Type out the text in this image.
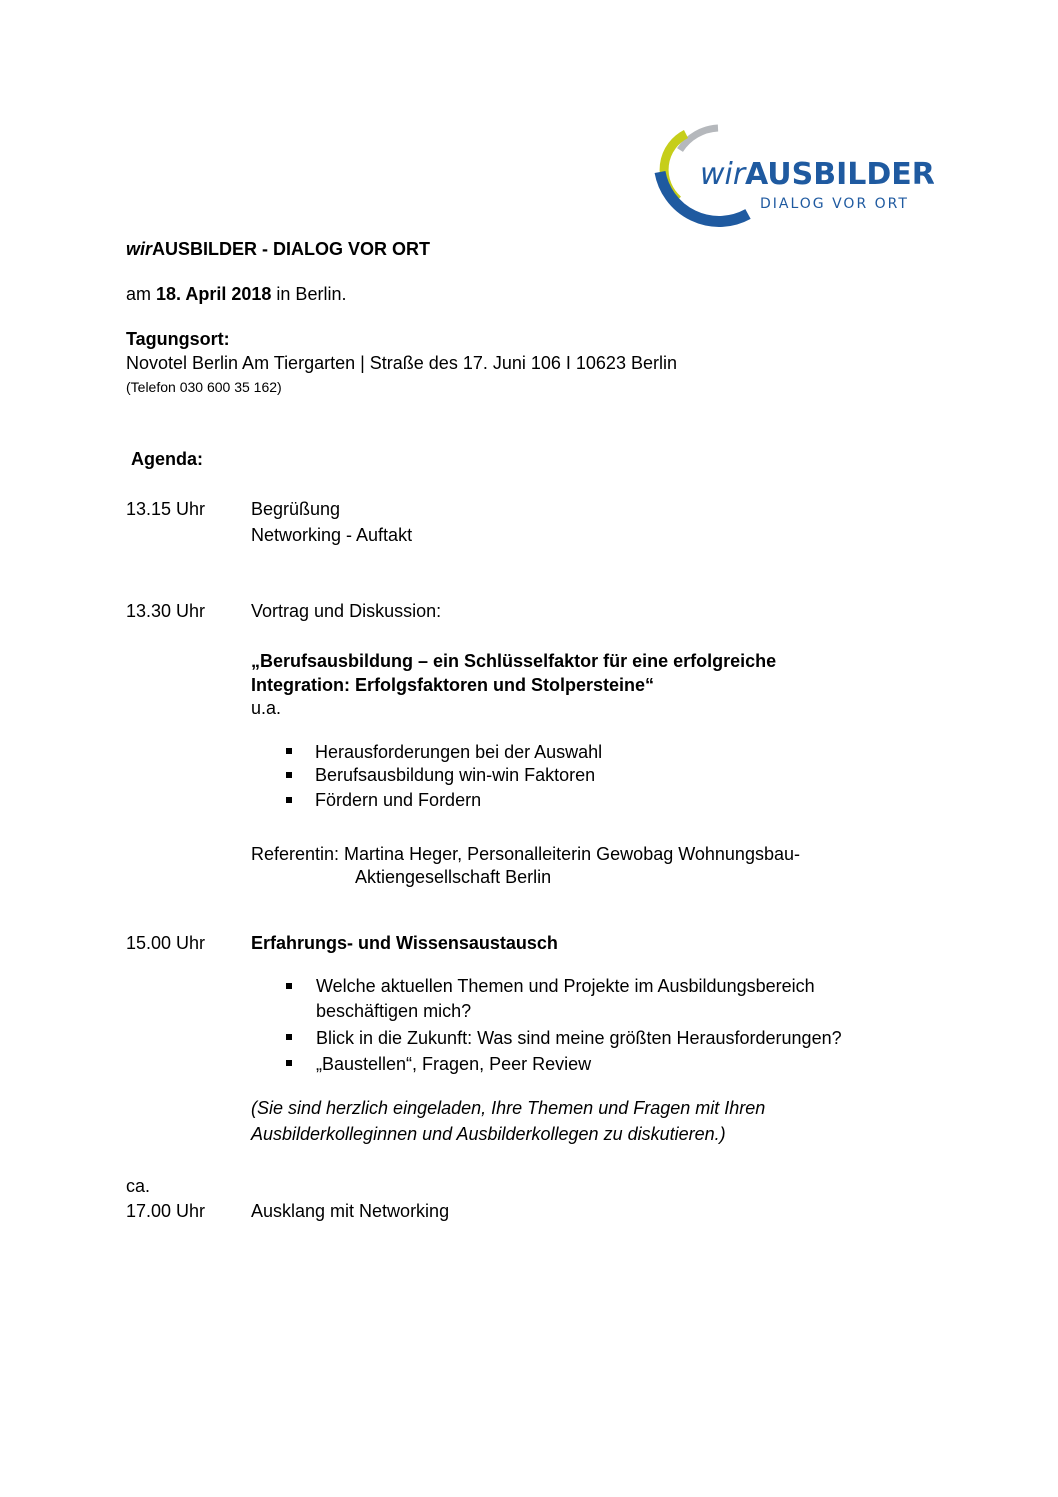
wir AUSBILDER
DIALOG VOR ORT
wirAUSBILDER - DIALOG VOR ORT
am 18. April 2018 in Berlin.
Tagungsort:
Novotel Berlin Am Tiergarten | Straße des 17. Juni 106 I 10623 Berlin
(Telefon 030 600 35 162)
Agenda:
13.15 Uhr	Begrüßung
Networking - Auftakt
13.30 Uhr	Vortrag und Diskussion:
„Berufsausbildung – ein Schlüsselfaktor für eine erfolgreiche
Integration: Erfolgsfaktoren und Stolpersteine“
u.a.
Herausforderungen bei der Auswahl
Berufsausbildung win-win Faktoren
Fördern und Fordern
Referentin: Martina Heger, Personalleiterin Gewobag Wohnungsbau-
Aktiengesellschaft Berlin
15.00 Uhr	Erfahrungs- und Wissensaustausch
Welche aktuellen Themen und Projekte im Ausbildungsbereich
beschäftigen mich?
Blick in die Zukunft: Was sind meine größten Herausforderungen?
„Baustellen“, Fragen, Peer Review
(Sie sind herzlich eingeladen, Ihre Themen und Fragen mit Ihren
Ausbilderkolleginnen und Ausbilderkollegen zu diskutieren.)
ca.
17.00 Uhr	Ausklang mit Networking
